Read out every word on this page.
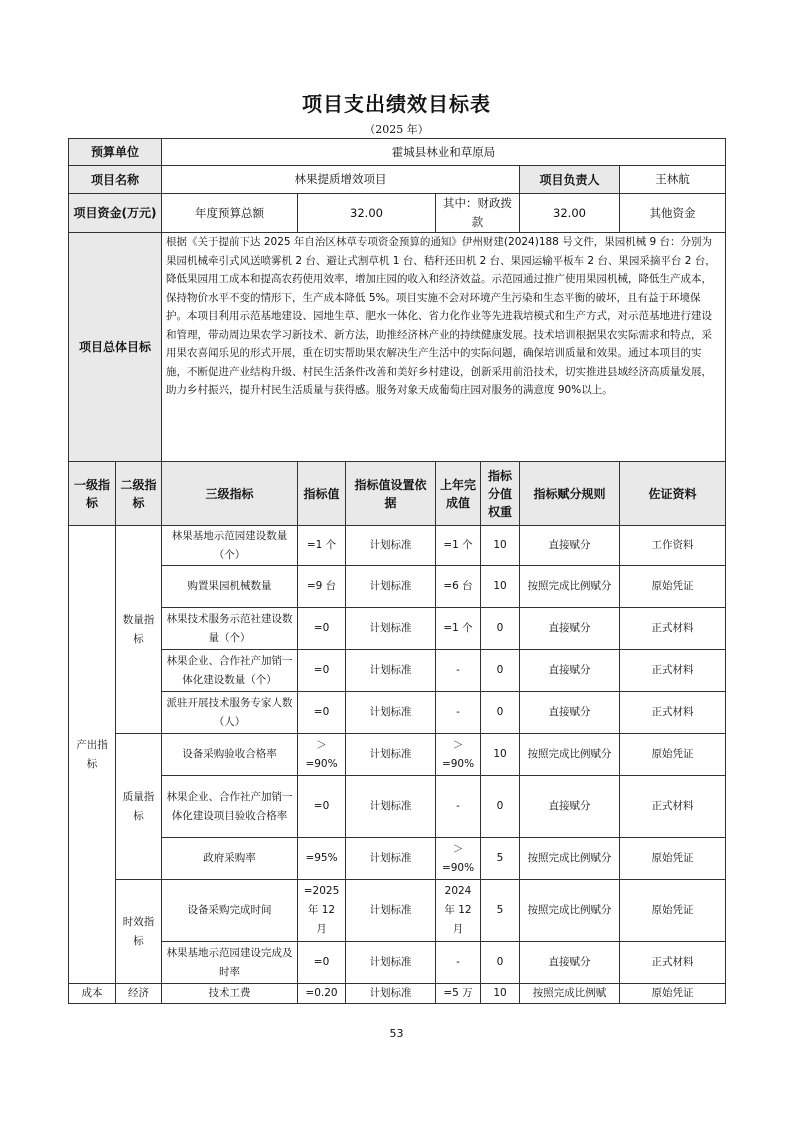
项目支出绩效目标表
（2025 年）
预算单位		霍城县林业和草原局						
项目名称		林果提质增效项目					项目负责人	王林航
项目资金(万元)		年度预算总额	32.00		其中：财政拨款		32.00	其他资金
项目总体目标		根据《关于提前下达 2025 年自治区林草专项资金预算的通知》伊州财建(2024)188 号文件，果园机械 9 台：分别为果园机械牵引式风送喷雾机 2 台、避让式割草机 1 台、秸秆还田机 2 台、果园运输平板车 2 台、果园采摘平台 2 台，降低果园用工成本和提高农药使用效率，增加庄园的收入和经济效益。示范园通过推广使用果园机械，降低生产成本，保持物价水平不变的情形下，生产成本降低 5%。项目实施不会对环境产生污染和生态平衡的破坏，且有益于环境保护。本项目利用示范基地建设、园地生草、肥水一体化、省力化作业等先进栽培模式和生产方式，对示范基地进行建设和管理，带动周边果农学习新技术、新方法，助推经济林产业的持续健康发展。技术培训根据果农实际需求和特点，采用果农喜闻乐见的形式开展，重在切实帮助果农解决生产生活中的实际问题，确保培训质量和效果。通过本项目的实施，不断促进产业结构升级、村民生活条件改善和美好乡村建设，创新采用前沿技术，切实推进县域经济高质量发展，助力乡村振兴，提升村民生活质量与获得感。服务对象天成葡萄庄园对服务的满意度 90%以上。						
一级指标	二级指标	三级指标	指标值	指标值设置依据	上年完成值	指标分值权重	指标赋分规则	佐证资料
产出指标	数量指标	林果基地示范园建设数量（个）	=1 个	计划标准	=1 个	10	直接赋分	工作资料
		购置果园机械数量	=9 台	计划标准	=6 台	10	按照完成比例赋分	原始凭证
		林果技术服务示范社建设数量（个）	=0	计划标准	=1 个	0	直接赋分	正式材料
		林果企业、合作社产加销一体化建设数量（个）	=0	计划标准	-	0	直接赋分	正式材料
		派驻开展技术服务专家人数（人）	=0	计划标准	-	0	直接赋分	正式材料
	质量指标	设备采购验收合格率	＞=90%	计划标准	＞=90%	10	按照完成比例赋分	原始凭证
		林果企业、合作社产加销一体化建设项目验收合格率	=0	计划标准	-	0	直接赋分	正式材料
		政府采购率	=95%	计划标准	＞=90%	5	按照完成比例赋分	原始凭证
	时效指标	设备采购完成时间	=2025 年 12 月	计划标准	2024 年 12 月	5	按照完成比例赋分	原始凭证
		林果基地示范园建设完成及时率	=0	计划标准	-	0	直接赋分	正式材料
成本	经济	技术工费	=0.20	计划标准	=5 万	10	按照完成比例赋	原始凭证
53
